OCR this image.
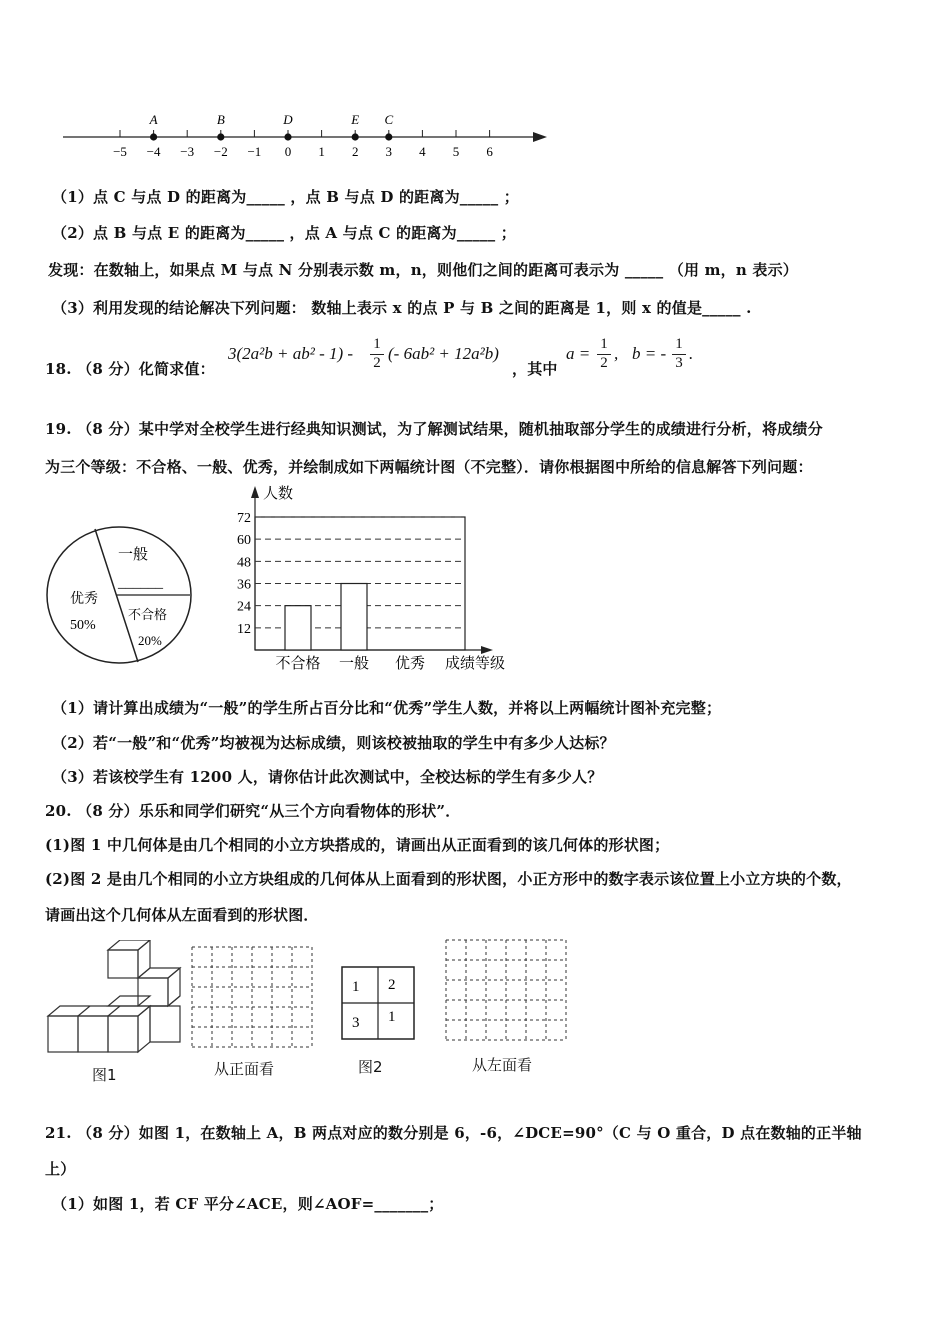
−5 −4 −3 −2 −1 0 1 2 3 4 5 6
A	B	D	E C
（1）点 C 与点 D 的距离为_____ ，点 B 与点 D 的距离为_____ ；
（2）点 B 与点 E 的距离为_____ ，点 A 与点 C 的距离为_____ ；
发现：在数轴上，如果点 M 与点 N 分别表示数 m，n，则他们之间的距离可表示为 _____ （用 m，n 表示）
（3）利用发现的结论解决下列问题： 数轴上表示 x 的点 P 与 B 之间的距离是 1，则 x 的值是_____ .
18. （8 分）化简求值：
$3(2a^2b + ab^2 - 1) - \frac{1}{2}$ (- 6ab² + 12a²b)
，其中
$a = \frac{1}{2}$ , b = - $\frac{1}{3}$ .
19. （8 分）某中学对全校学生进行经典知识测试，为了解测试结果，随机抽取部分学生的成绩进行分析，将成绩分
为三个等级：不合格、一般、优秀，并绘制成如下两幅统计图（不完整）．请你根据图中所给的信息解答下列问题：
一般
______
优秀
50%
不合格
20%
12
24
36
48
60
72
人数
不合格 一般 优秀 成绩等级
（1）请计算出成绩为“一般”的学生所占百分比和“优秀”学生人数，并将以上两幅统计图补充完整；
（2）若“一般”和“优秀”均被视为达标成绩，则该校被抽取的学生中有多少人达标？
（3）若该校学生有 1200 人，请你估计此次测试中，全校达标的学生有多少人？
20. （8 分）乐乐和同学们研究“从三个方向看物体的形状”．
(1)图 1 中几何体是由几个相同的小立方块搭成的，请画出从正面看到的该几何体的形状图；
(2)图 2 是由几个相同的小立方块组成的几何体从上面看到的形状图，小正方形中的数字表示该位置上小立方块的个数，
请画出这个几何体从左面看到的形状图．
图1	从正面看
1 2
3 1
图2	从左面看
21. （8 分）如图 1，在数轴上 A，B 两点对应的数分别是 6，-6，∠DCE=90°（C 与 O 重合，D 点在数轴的正半轴
上）
（1）如图 1，若 CF 平分∠ACE，则∠AOF=_______；
